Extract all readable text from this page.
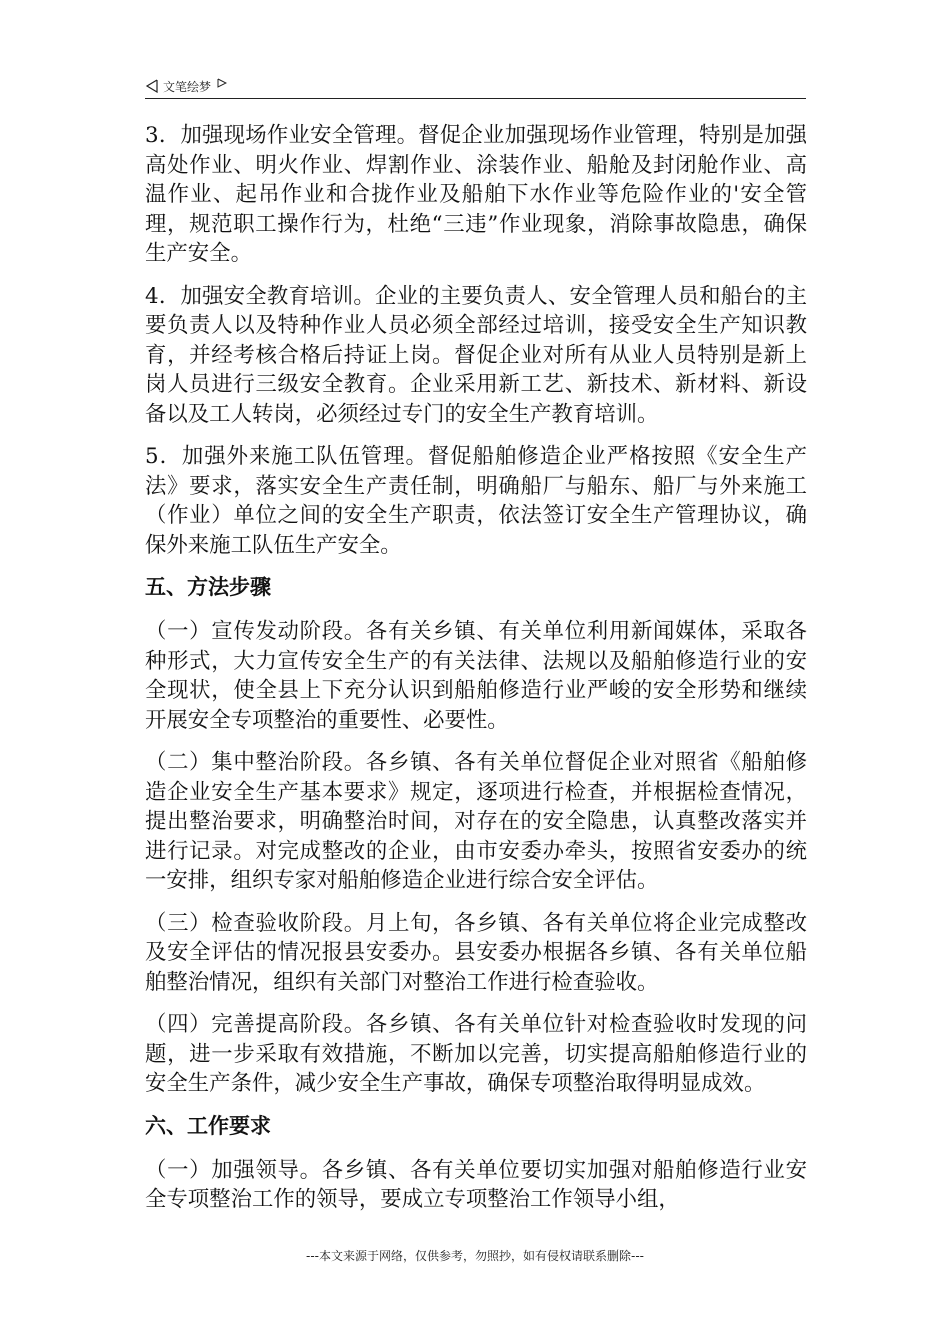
文笔绘梦

3．加强现场作业安全管理。督促企业加强现场作业管理，特别是加强高处作业、明火作业、焊割作业、涂装作业、船舱及封闭舱作业、高温作业、起吊作业和合拢作业及船舶下水作业等危险作业的'安全管理，规范职工操作行为，杜绝“三违”作业现象，消除事故隐患，确保生产安全。

4．加强安全教育培训。企业的主要负责人、安全管理人员和船台的主要负责人以及特种作业人员必须全部经过培训，接受安全生产知识教育，并经考核合格后持证上岗。督促企业对所有从业人员特别是新上岗人员进行三级安全教育。企业采用新工艺、新技术、新材料、新设备以及工人转岗，必须经过专门的安全生产教育培训。

5．加强外来施工队伍管理。督促船舶修造企业严格按照《安全生产法》要求，落实安全生产责任制，明确船厂与船东、船厂与外来施工（作业）单位之间的安全生产职责，依法签订安全生产管理协议，确保外来施工队伍生产安全。

五、方法步骤

（一）宣传发动阶段。各有关乡镇、有关单位利用新闻媒体，采取各种形式，大力宣传安全生产的有关法律、法规以及船舶修造行业的安全现状，使全县上下充分认识到船舶修造行业严峻的安全形势和继续开展安全专项整治的重要性、必要性。

（二）集中整治阶段。各乡镇、各有关单位督促企业对照省《船舶修造企业安全生产基本要求》规定，逐项进行检查，并根据检查情况，提出整治要求，明确整治时间，对存在的安全隐患，认真整改落实并进行记录。对完成整改的企业，由市安委办牵头，按照省安委办的统一安排，组织专家对船舶修造企业进行综合安全评估。

（三）检查验收阶段。月上旬，各乡镇、各有关单位将企业完成整改及安全评估的情况报县安委办。县安委办根据各乡镇、各有关单位船舶整治情况，组织有关部门对整治工作进行检查验收。

（四）完善提高阶段。各乡镇、各有关单位针对检查验收时发现的问题，进一步采取有效措施，不断加以完善，切实提高船舶修造行业的安全生产条件，减少安全生产事故，确保专项整治取得明显成效。

六、工作要求

（一）加强领导。各乡镇、各有关单位要切实加强对船舶修造行业安全专项整治工作的领导，要成立专项整治工作领导小组，

---本文来源于网络，仅供参考，勿照抄，如有侵权请联系删除---
